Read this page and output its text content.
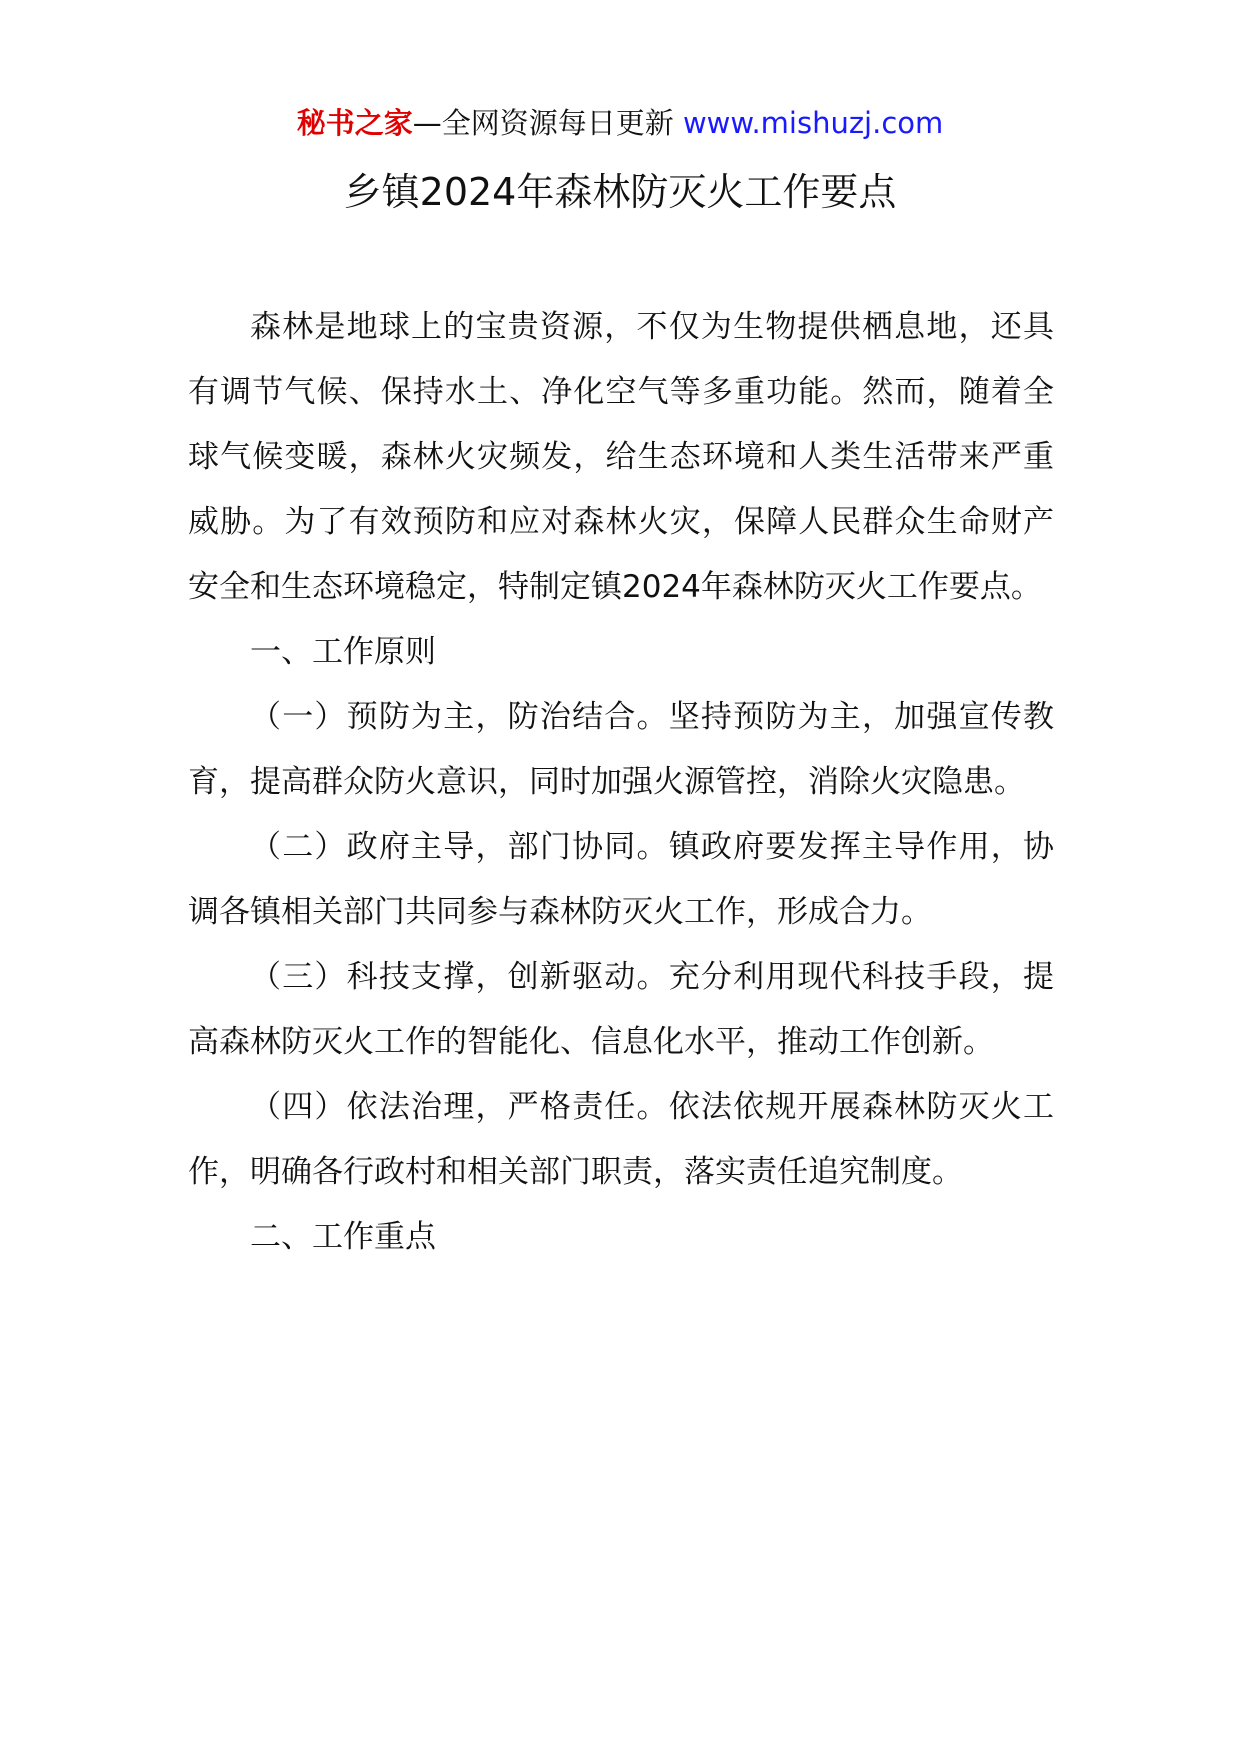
秘书之家—全网资源每日更新 www.mishuzj.com
乡镇2024年森林防灭火工作要点

森林是地球上的宝贵资源，不仅为生物提供栖息地，还具有调节气候、保持水土、净化空气等多重功能。然而，随着全球气候变暖，森林火灾频发，给生态环境和人类生活带来严重威胁。为了有效预防和应对森林火灾，保障人民群众生命财产安全和生态环境稳定，特制定镇2024年森林防灭火工作要点。

一、工作原则

（一）预防为主，防治结合。坚持预防为主，加强宣传教育，提高群众防火意识，同时加强火源管控，消除火灾隐患。

（二）政府主导，部门协同。镇政府要发挥主导作用，协调各镇相关部门共同参与森林防灭火工作，形成合力。

（三）科技支撑，创新驱动。充分利用现代科技手段，提高森林防灭火工作的智能化、信息化水平，推动工作创新。

（四）依法治理，严格责任。依法依规开展森林防灭火工作，明确各行政村和相关部门职责，落实责任追究制度。

二、工作重点
